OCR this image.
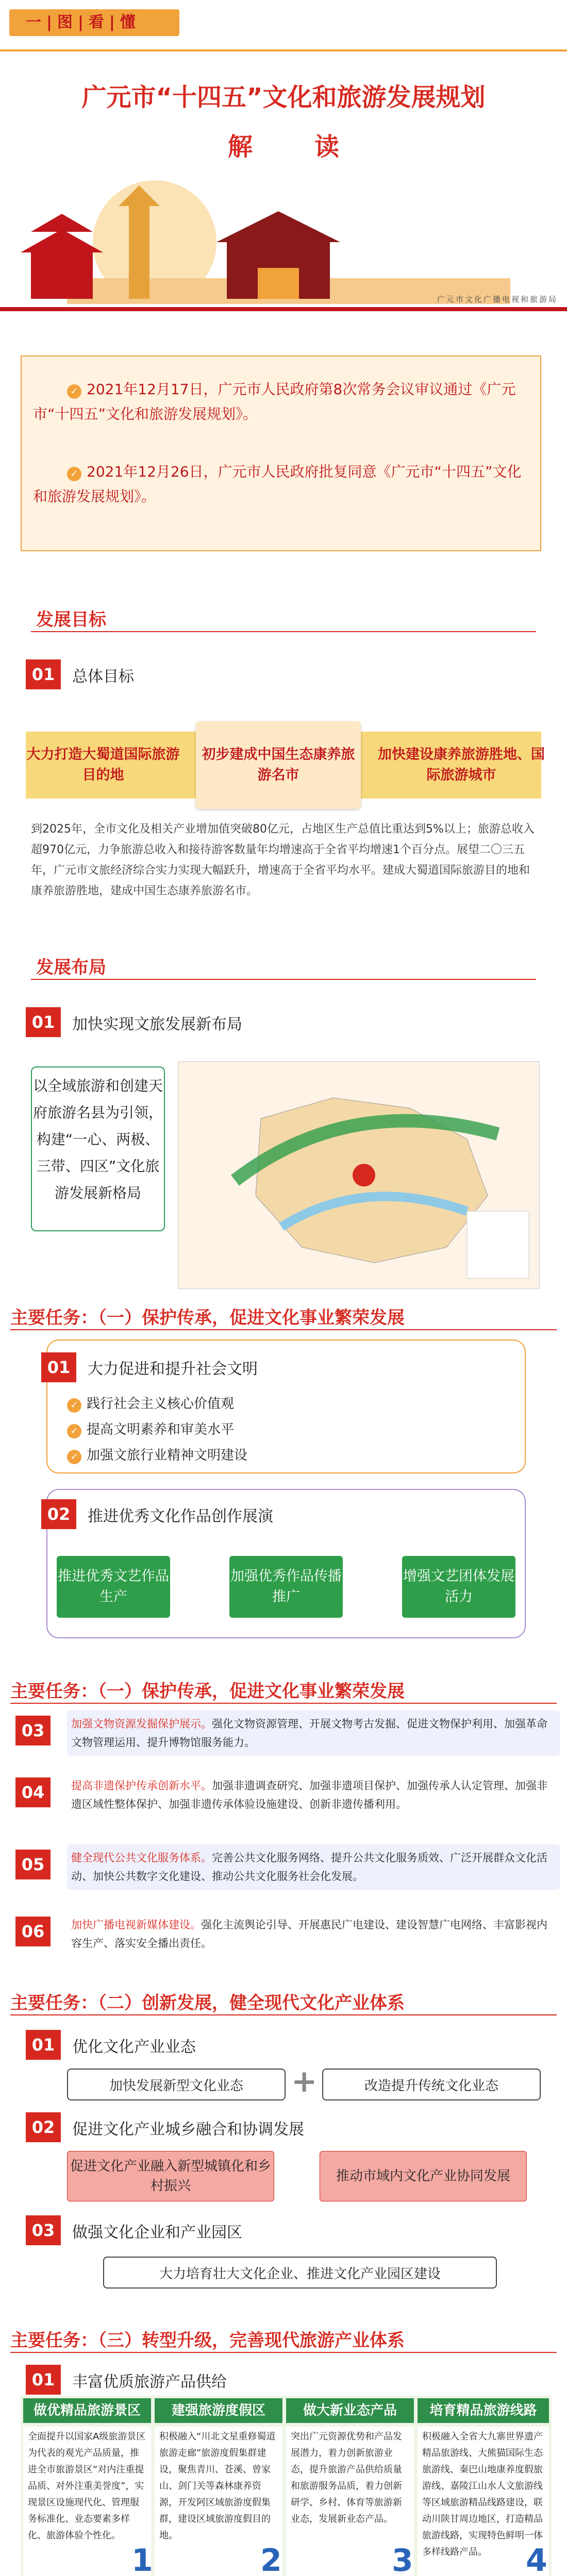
一|图|看|懂
广元市“十四五”文化和旅游发展规划
解读
广元市文化广播电视和旅游局
✓ 2021年12月17日，广元市人民政府第8次常务会议审议通过《广元市“十四五”文化和旅游发展规划》。
✓ 2021年12月26日，广元市人民政府批复同意《广元市“十四五”文化和旅游发展规划》。
发展目标
01	总体目标
大力打造大蜀道国际旅游目的地
初步建成中国生态康养旅游名市
加快建设康养旅游胜地、国际旅游城市
到2025年，全市文化及相关产业增加值突破80亿元，占地区生产总值比重达到5%以上；旅游总收入超970亿元，力争旅游总收入和接待游客数量年均增速高于全省平均增速1个百分点。展望二〇三五年，广元市文旅经济综合实力实现大幅跃升，增速高于全省平均水平。建成大蜀道国际旅游目的地和康养旅游胜地，建成中国生态康养旅游名市。
发展布局
01	加快实现文旅发展新布局
以全域旅游和创建天府旅游名县为引领，构建“一心、两极、三带、四区”文化旅游发展新格局
主要任务：（一）保护传承，促进文化事业繁荣发展
01	大力促进和提升社会文明
✓ 践行社会主义核心价值观
✓ 提高文明素养和审美水平
✓ 加强文旅行业精神文明建设
02	推进优秀文化作品创作展演
推进优秀文艺作品生产
加强优秀作品传播推广
增强文艺团体发展活力
主要任务：（一）保护传承，促进文化事业繁荣发展
03	加强文物资源发掘保护展示。强化文物资源管理、开展文物考古发掘、促进文物保护利用、加强革命文物管理运用、提升博物馆服务能力。
04	提高非遗保护传承创新水平。加强非遗调查研究、加强非遗项目保护、加强传承人认定管理、加强非遗区域性整体保护、加强非遗传承体验设施建设、创新非遗传播利用。
05	健全现代公共文化服务体系。完善公共文化服务网络、提升公共文化服务质效、广泛开展群众文化活动、加快公共数字文化建设、推动公共文化服务社会化发展。
06	加快广播电视新媒体建设。强化主流舆论引导、开展惠民广电建设、建设智慧广电网络、丰富影视内容生产、落实安全播出责任。
主要任务：（二）创新发展，健全现代文化产业体系
01	优化文化产业业态
加快发展新型文化业态	+	改造提升传统文化业态
02	促进文化产业城乡融合和协调发展
促进文化产业融入新型城镇化和乡村振兴
推动市域内文化产业协同发展
03	做强文化企业和产业园区
大力培育壮大文化企业、推进文化产业园区建设
主要任务：（三）转型升级，完善现代旅游产业体系
01	丰富优质旅游产品供给
做优精品旅游景区	建强旅游度假区	做大新业态产品	培育精品旅游线路
全面提升以国家A级旅游景区为代表的观光产品质量，推进全市旅游景区“对内注重提品质、对外注重美誉度”，实现景区设施现代化、管理服务标准化、业态要素多样化、旅游体验个性化。
积极融入“川北文星重修蜀道旅游走廊”旅游度假集群建设，聚焦青川、苍溪、曾家山、剑门关等森林康养资源，开发阿区域旅游度假集群，建设区域旅游度假目的地。
突出广元资源优势和产品发展潜力，着力创新旅游业态，提升旅游产品供给质量和旅游服务品质，着力创新研学、乡村、体育等旅游新业态，发展新业态产品。
积极融入全省大九寨世界遗产精品旅游线、大熊猫国际生态旅游线、秦巴山地康养度假旅游线、嘉陵江山水人文旅游线等区域旅游精品线路建设，联动川陕甘周边地区，打造精品旅游线路，实现特色鲜明一体多样线路产品。
1	2	3	4
